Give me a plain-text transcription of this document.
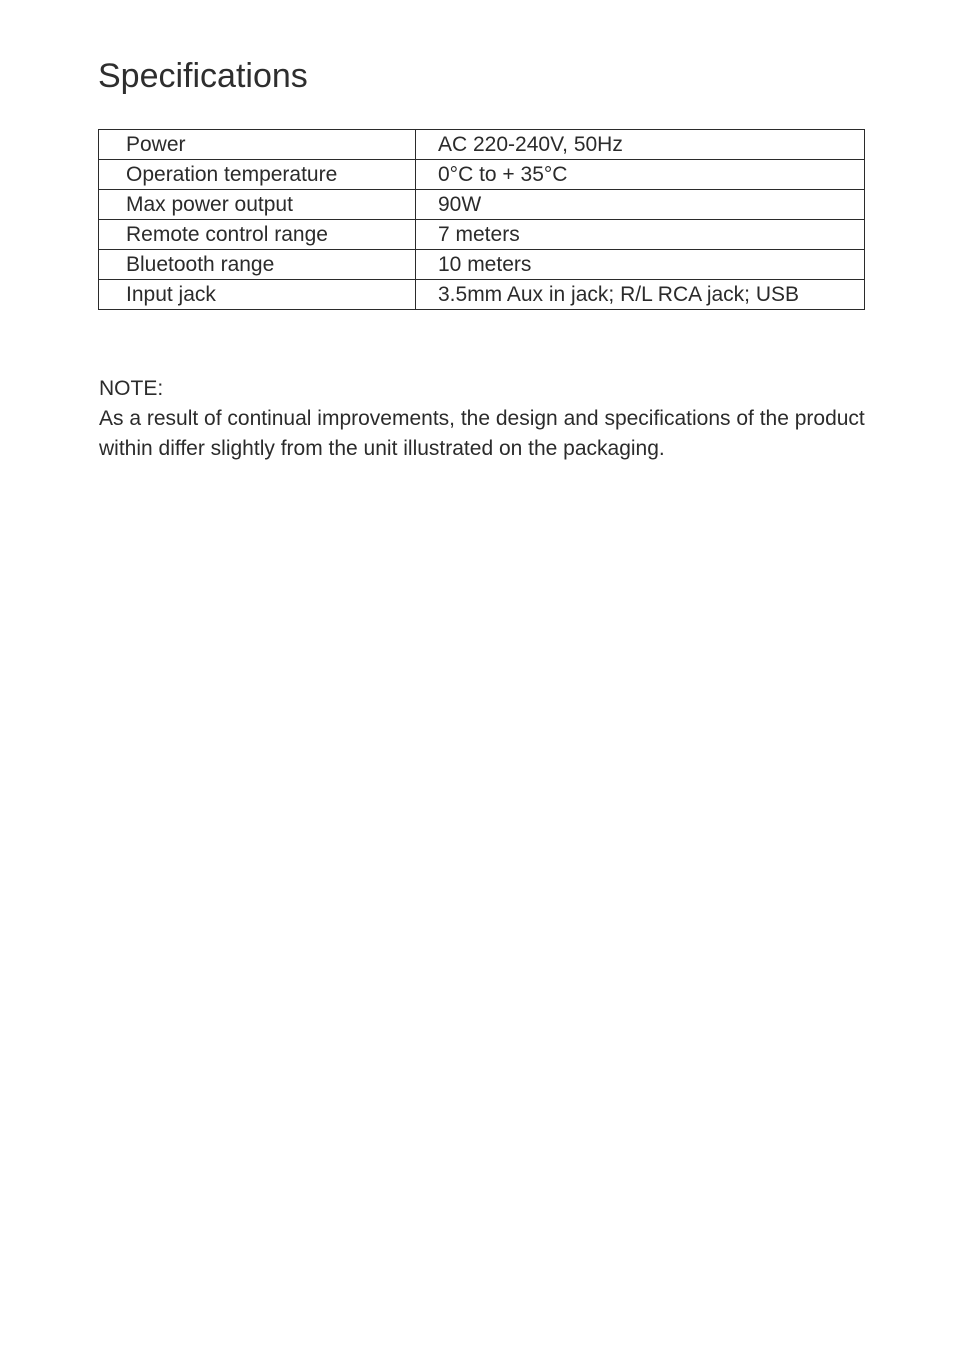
Specifications
Power	AC 220-240V, 50Hz
Operation temperature	0°C to + 35°C
Max power output	90W
Remote control range	7 meters
Bluetooth range	10 meters
Input jack	3.5mm Aux in jack; R/L RCA jack; USB

NOTE:

As a result of continual improvements, the design and specifications of the product within differ slightly from the unit illustrated on the packaging.
